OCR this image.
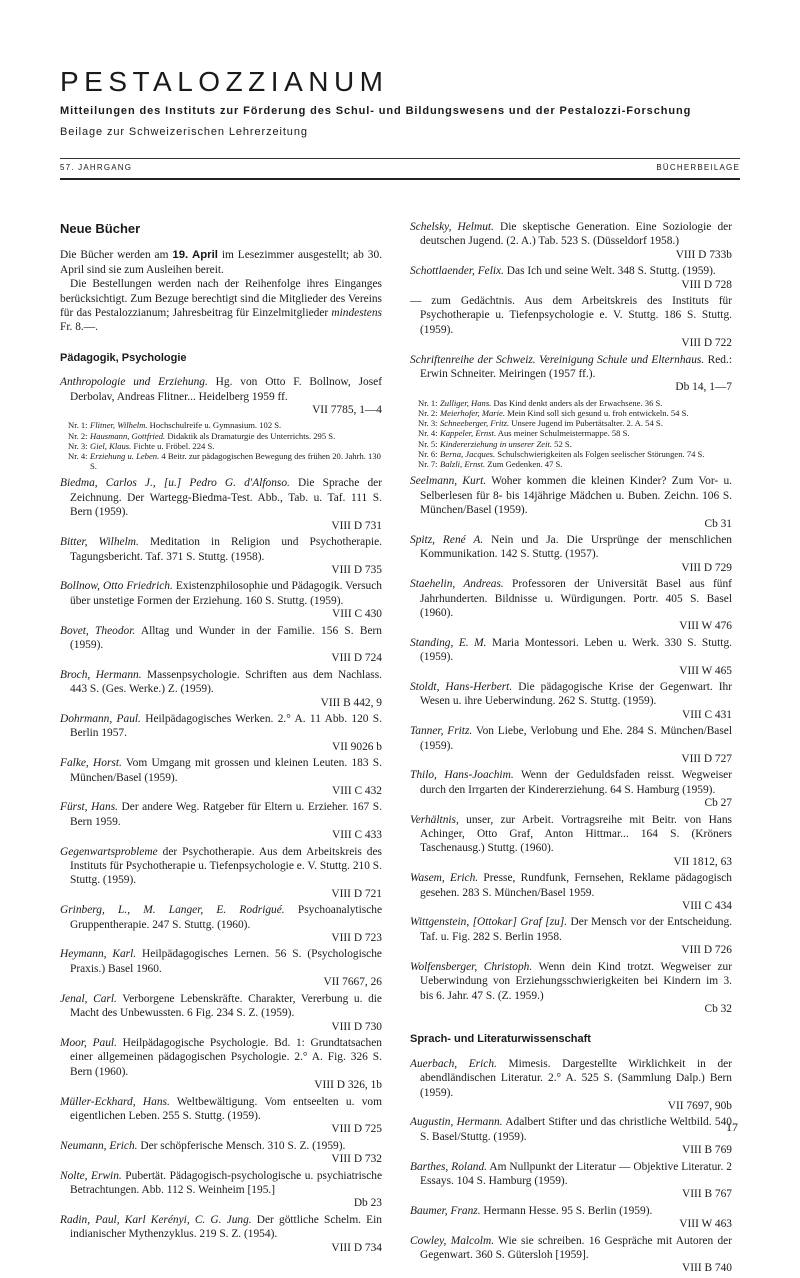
PESTALOZZIANUM
Mitteilungen des Instituts zur Förderung des Schul- und Bildungswesens und der Pestalozzi-Forschung
Beilage zur Schweizerischen Lehrerzeitung
57. JAHRGANG	BÜCHERBEILAGE
Neue Bücher

Die Bücher werden am 19. April im Lesezimmer ausgestellt; ab 30. April sind sie zum Ausleihen bereit.

Die Bestellungen werden nach der Reihenfolge ihres Einganges berücksichtigt. Zum Bezuge berechtigt sind die Mitglieder des Vereins für das Pestalozzianum; Jahresbeitrag für Einzelmitglieder mindestens Fr. 8.—.

Pädagogik, Psychologie
Anthropologie und Erziehung. Hg. von Otto F. Bollnow, Josef Derbolav, Andreas Flitner... Heidelberg 1959 ff.
VII 7785, 1—4
Nr. 1: Flitner, Wilhelm. Hochschulreife u. Gymnasium. 102 S.
Nr. 2: Hausmann, Gottfried. Didaktik als Dramaturgie des Unterrichts. 295 S.
Nr. 3: Giel, Klaus. Fichte u. Fröbel. 224 S.
Nr. 4: Erziehung u. Leben. 4 Beitr. zur pädagogischen Bewegung des frühen 20. Jahrh. 130 S.
Biedma, Carlos J., [u.] Pedro G. d'Alfonso. Die Sprache der Zeichnung. Der Wartegg-Biedma-Test. Abb., Tab. u. Taf. 111 S. Bern (1959).
VIII D 731
Bitter, Wilhelm. Meditation in Religion und Psychotherapie. Tagungsbericht. Taf. 371 S. Stuttg. (1958).
VIII D 735
Bollnow, Otto Friedrich. Existenzphilosophie und Pädagogik. Versuch über unstetige Formen der Erziehung. 160 S. Stuttg. (1959).
VIII C 430
Bovet, Theodor. Alltag und Wunder in der Familie. 156 S. Bern (1959).
VIII D 724
Broch, Hermann. Massenpsychologie. Schriften aus dem Nachlass. 443 S. (Ges. Werke.) Z. (1959).
VIII B 442, 9
Dohrmann, Paul. Heilpädagogisches Werken. 2.° A. 11 Abb. 120 S. Berlin 1957.
VII 9026 b
Falke, Horst. Vom Umgang mit grossen und kleinen Leuten. 183 S. München/Basel (1959).
VIII C 432
Fürst, Hans. Der andere Weg. Ratgeber für Eltern u. Erzieher. 167 S. Bern 1959.
VIII C 433
Gegenwartsprobleme der Psychotherapie. Aus dem Arbeitskreis des Instituts für Psychotherapie u. Tiefenpsychologie e. V. Stuttg. 210 S. Stuttg. (1959).
VIII D 721
Grinberg, L., M. Langer, E. Rodrigué. Psychoanalytische Gruppentherapie. 247 S. Stuttg. (1960).
VIII D 723
Heymann, Karl. Heilpädagogisches Lernen. 56 S. (Psychologische Praxis.) Basel 1960.
VII 7667, 26
Jenal, Carl. Verborgene Lebenskräfte. Charakter, Vererbung u. die Macht des Unbewussten. 6 Fig. 234 S. Z. (1959).
VIII D 730
Moor, Paul. Heilpädagogische Psychologie. Bd. 1: Grundtatsachen einer allgemeinen pädagogischen Psychologie. 2.° A. Fig. 326 S. Bern (1960).
VIII D 326, 1b
Müller-Eckhard, Hans. Weltbewältigung. Vom entseelten u. vom eigentlichen Leben. 255 S. Stuttg. (1959).
VIII D 725
Neumann, Erich. Der schöpferische Mensch. 310 S. Z. (1959).
VIII D 732
Nolte, Erwin. Pubertät. Pädagogisch-psychologische u. psychiatrische Betrachtungen. Abb. 112 S. Weinheim [195.]
Db 23
Radin, Paul, Karl Kerényi, C. G. Jung. Der göttliche Schelm. Ein indianischer Mythenzyklus. 219 S. Z. (1954).
VIII D 734
Schelsky, Helmut. Die skeptische Generation. Eine Soziologie der deutschen Jugend. (2. A.) Tab. 523 S. (Düsseldorf 1958.)
VIII D 733b
Schottlaender, Felix. Das Ich und seine Welt. 348 S. Stuttg. (1959).
VIII D 728
— zum Gedächtnis. Aus dem Arbeitskreis des Instituts für Psychotherapie u. Tiefenpsychologie e. V. Stuttg. 186 S. Stuttg. (1959).
VIII D 722
Schriftenreihe der Schweiz. Vereinigung Schule und Elternhaus. Red.: Erwin Schneiter. Meiringen (1957 ff.).
Db 14, 1—7
Nr. 1: Zulliger, Hans. Das Kind denkt anders als der Erwachsene. 36 S.
Nr. 2: Meierhofer, Marie. Mein Kind soll sich gesund u. froh entwickeln. 54 S.
Nr. 3: Schneeberger, Fritz. Unsere Jugend im Pubertätsalter. 2. A. 54 S.
Nr. 4: Kappeler, Ernst. Aus meiner Schulmeistermappe. 58 S.
Nr. 5: Kindererziehung in unserer Zeit. 52 S.
Nr. 6: Berna, Jacques. Schulschwierigkeiten als Folgen seelischer Störungen. 74 S.
Nr. 7: Balzli, Ernst. Zum Gedenken. 47 S.
Seelmann, Kurt. Woher kommen die kleinen Kinder? Zum Vor- u. Selberlesen für 8- bis 14jährige Mädchen u. Buben. Zeichn. 106 S. München/Basel (1959).
Cb 31
Spitz, René A. Nein und Ja. Die Ursprünge der menschlichen Kommunikation. 142 S. Stuttg. (1957).
VIII D 729
Staehelin, Andreas. Professoren der Universität Basel aus fünf Jahrhunderten. Bildnisse u. Würdigungen. Portr. 405 S. Basel (1960).
VIII W 476
Standing, E. M. Maria Montessori. Leben u. Werk. 330 S. Stuttg. (1959).
VIII W 465
Stoldt, Hans-Herbert. Die pädagogische Krise der Gegenwart. Ihr Wesen u. ihre Ueberwindung. 262 S. Stuttg. (1959).
VIII C 431
Tanner, Fritz. Von Liebe, Verlobung und Ehe. 284 S. München/Basel (1959).
VIII D 727
Thilo, Hans-Joachim. Wenn der Geduldsfaden reisst. Wegweiser durch den Irrgarten der Kindererziehung. 64 S. Hamburg (1959).
Cb 27
Verhältnis, unser, zur Arbeit. Vortragsreihe mit Beitr. von Hans Achinger, Otto Graf, Anton Hittmar... 164 S. (Kröners Taschenausg.) Stuttg. (1960).
VII 1812, 63
Wasem, Erich. Presse, Rundfunk, Fernsehen, Reklame pädagogisch gesehen. 283 S. München/Basel 1959.
VIII C 434
Wittgenstein, [Ottokar] Graf [zu]. Der Mensch vor der Entscheidung. Taf. u. Fig. 282 S. Berlin 1958.
VIII D 726
Wolfensberger, Christoph. Wenn dein Kind trotzt. Wegweiser zur Ueberwindung von Erziehungsschwierigkeiten bei Kindern im 3. bis 6. Jahr. 47 S. (Z. 1959.)
Cb 32
Sprach- und Literaturwissenschaft
Auerbach, Erich. Mimesis. Dargestellte Wirklichkeit in der abendländischen Literatur. 2.° A. 525 S. (Sammlung Dalp.) Bern (1959).
VII 7697, 90b
Augustin, Hermann. Adalbert Stifter und das christliche Weltbild. 540 S. Basel/Stuttg. (1959).
VIII B 769
Barthes, Roland. Am Nullpunkt der Literatur — Objektive Literatur. 2 Essays. 104 S. Hamburg (1959).
VIII B 767
Baumer, Franz. Hermann Hesse. 95 S. Berlin (1959).
VIII W 463
Cowley, Malcolm. Wie sie schreiben. 16 Gespräche mit Autoren der Gegenwart. 360 S. Gütersloh [1959].
VIII B 740
17
